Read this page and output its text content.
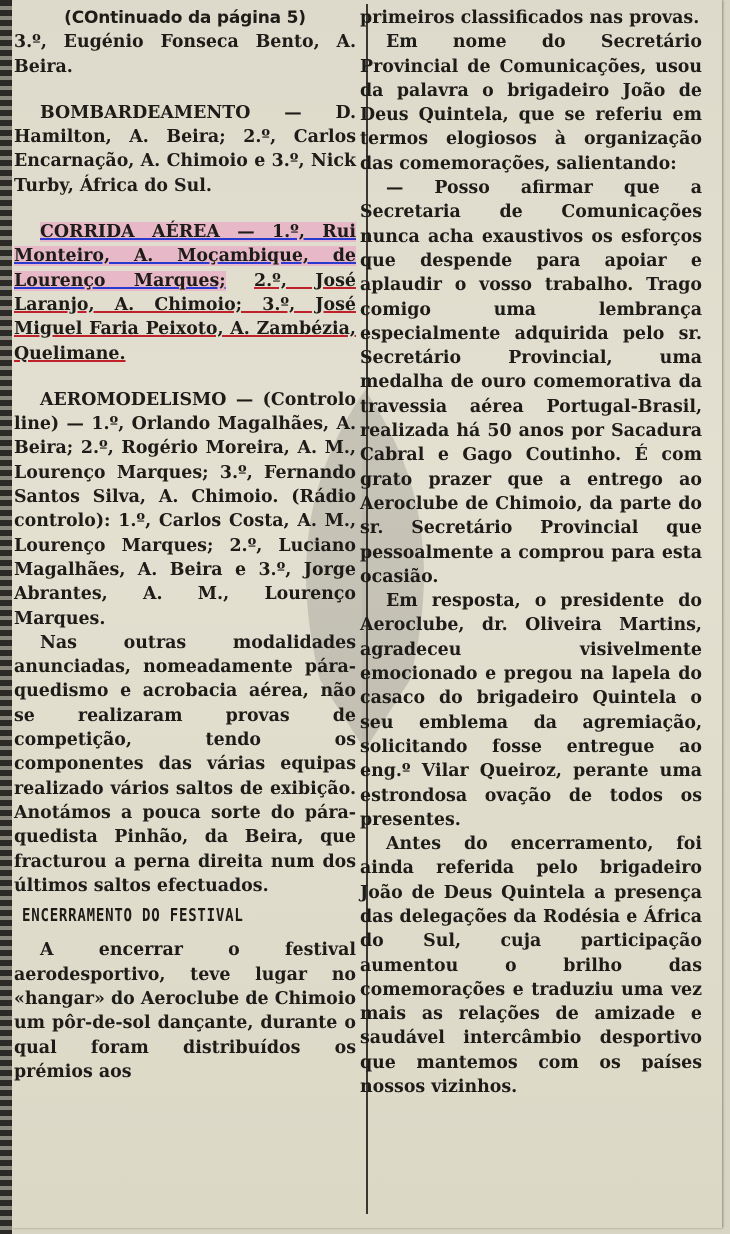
(COntinuado da página 5)

3.º, Eugénio Fonseca Bento, A. Beira.

BOMBARDEAMENTO — D. Hamilton, A. Beira; 2.º, Carlos Encarnação, A. Chimoio e 3.º, Nick Turby, África do Sul.

CORRIDA AÉREA — 1.º, Rui Monteiro, A. Moçambique, de Lourenço Marques; 2.º, José Laranjo, A. Chimoio; 3.º, José Miguel Faria Peixoto, A. Zambézia, Quelimane.

AEROMODELISMO — (Controlo line) — 1.º, Orlando Magalhães, A. Beira; 2.º, Rogério Moreira, A. M., Lourenço Marques; 3.º, Fernando Santos Silva, A. Chimoio. (Rádio controlo): 1.º, Carlos Costa, A. M., Lourenço Marques; 2.º, Luciano Magalhães, A. Beira e 3.º, Jorge Abrantes, A. M., Lourenço Marques.

Nas outras modalidades anunciadas, nomeadamente pára-quedismo e acrobacia aérea, não se realizaram provas de competição, tendo os componentes das várias equipas realizado vários saltos de exibição. Anotámos a pouca sorte do pára-quedista Pinhão, da Beira, que fracturou a perna direita num dos últimos saltos efectuados.

ENCERRAMENTO DO FESTIVAL

A encerrar o festival aerodesportivo, teve lugar no «hangar» do Aeroclube de Chimoio um pôr-de-sol dançante, durante o qual foram distribuídos os prémios aos

primeiros classificados nas provas.

Em nome do Secretário Provincial de Comunicações, usou da palavra o brigadeiro João de Deus Quintela, que se referiu em termos elogiosos à organização das comemorações, salientando:

— Posso afirmar que a Secretaria de Comunicações nunca acha exaustivos os esforços que despende para apoiar e aplaudir o vosso trabalho. Trago comigo uma lembrança especialmente adquirida pelo sr. Secretário Provincial, uma medalha de ouro comemorativa da travessia aérea Portugal-Brasil, realizada há 50 anos por Sacadura Cabral e Gago Coutinho. É com grato prazer que a entrego ao Aeroclube de Chimoio, da parte do sr. Secretário Provincial que pessoalmente a comprou para esta ocasião.

Em resposta, o presidente do Aeroclube, dr. Oliveira Martins, agradeceu visivelmente emocionado e pregou na lapela do casaco do brigadeiro Quintela o seu emblema da agremiação, solicitando fosse entregue ao eng.º Vilar Queiroz, perante uma estrondosa ovação de todos os presentes.

Antes do encerramento, foi ainda referida pelo brigadeiro João de Deus Quintela a presença das delegações da Rodésia e África do Sul, cuja participação aumentou o brilho das comemorações e traduziu uma vez mais as relações de amizade e saudável intercâmbio desportivo que mantemos com os países nossos vizinhos.
